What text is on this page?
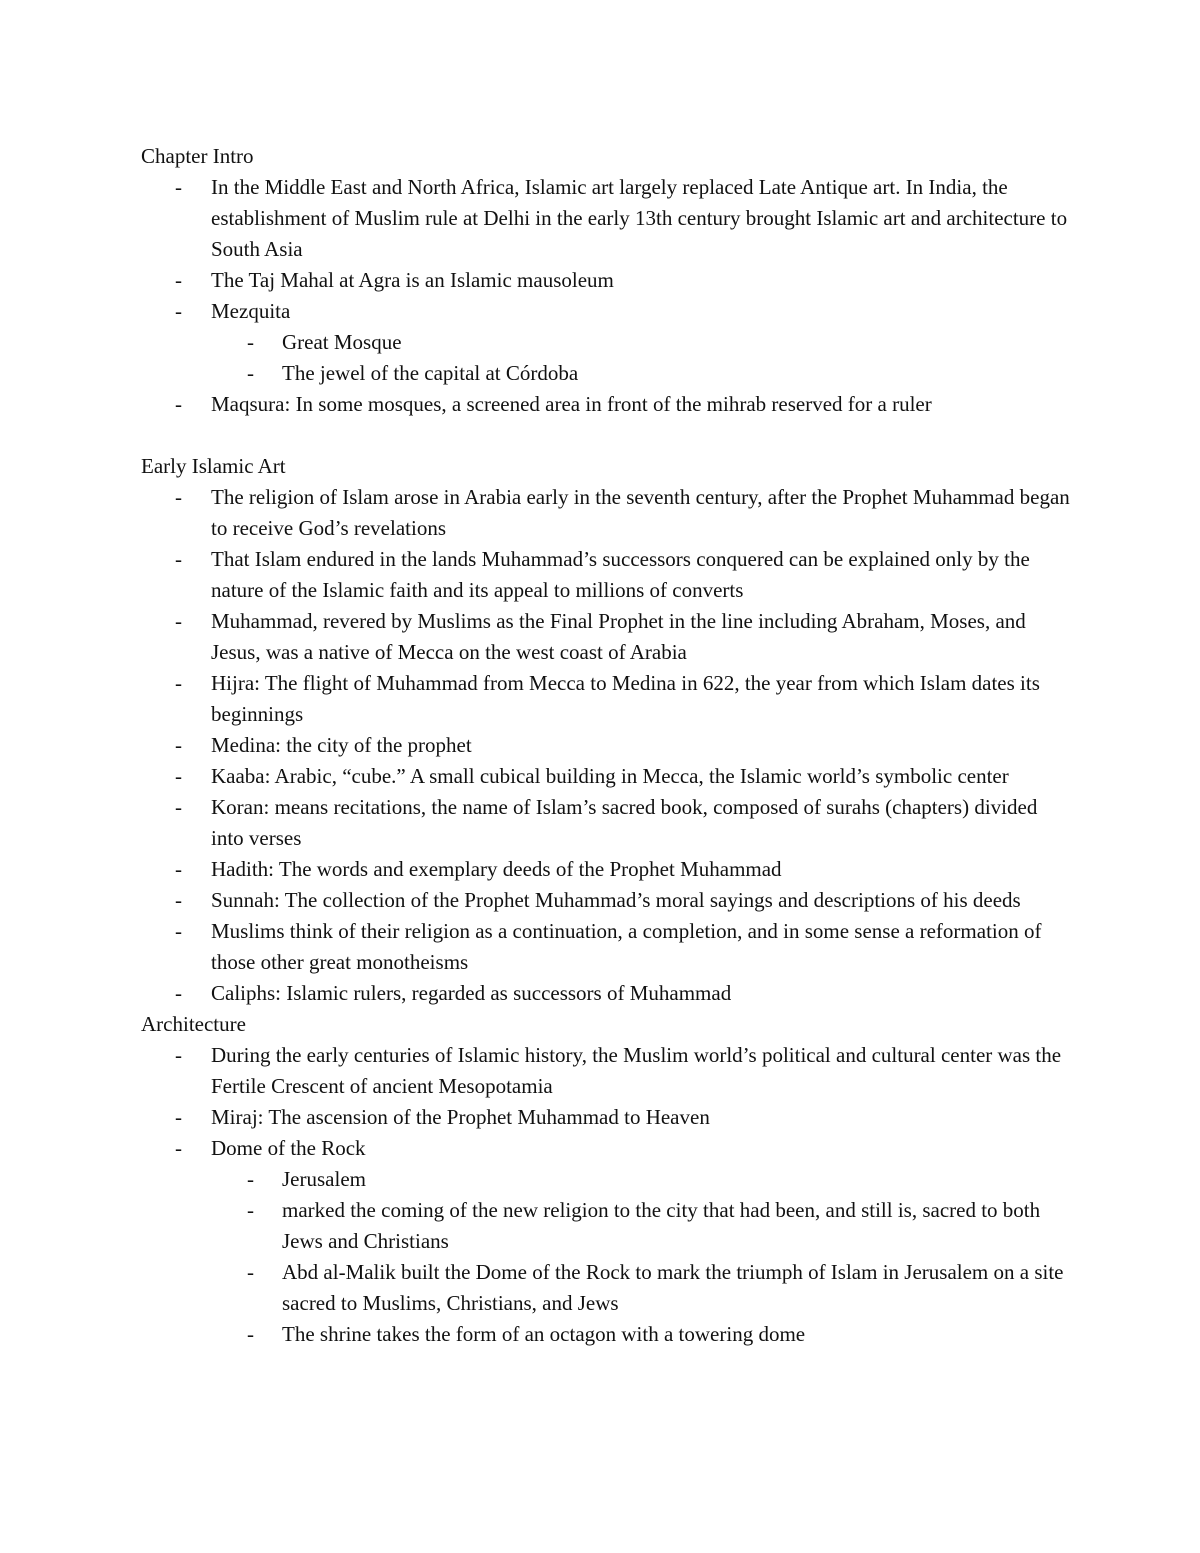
Chapter Intro

- In the Middle East and North Africa, Islamic art largely replaced Late Antique art. In India, the establishment of Muslim rule at Delhi in the early 13th century brought Islamic art and architecture to South Asia
- The Taj Mahal at Agra is an Islamic mausoleum
- Mezquita
- Great Mosque
- The jewel of the capital at Córdoba
- Maqsura: In some mosques, a screened area in front of the mihrab reserved for a ruler

Early Islamic Art

- The religion of Islam arose in Arabia early in the seventh century, after the Prophet Muhammad began to receive God’s revelations
- That Islam endured in the lands Muhammad’s successors conquered can be explained only by the nature of the Islamic faith and its appeal to millions of converts
- Muhammad, revered by Muslims as the Final Prophet in the line including Abraham, Moses, and Jesus, was a native of Mecca on the west coast of Arabia
- Hijra: The flight of Muhammad from Mecca to Medina in 622, the year from which Islam dates its beginnings
- Medina: the city of the prophet
- Kaaba: Arabic, “cube.” A small cubical building in Mecca, the Islamic world’s symbolic center
- Koran: means recitations, the name of Islam’s sacred book, composed of surahs (chapters) divided into verses
- Hadith: The words and exemplary deeds of the Prophet Muhammad
- Sunnah: The collection of the Prophet Muhammad’s moral sayings and descriptions of his deeds
- Muslims think of their religion as a continuation, a completion, and in some sense a reformation of those other great monotheisms
- Caliphs: Islamic rulers, regarded as successors of Muhammad

Architecture

- During the early centuries of Islamic history, the Muslim world’s political and cultural center was the Fertile Crescent of ancient Mesopotamia
- Miraj: The ascension of the Prophet Muhammad to Heaven
- Dome of the Rock
- Jerusalem
- marked the coming of the new religion to the city that had been, and still is, sacred to both Jews and Christians
- Abd al-Malik built the Dome of the Rock to mark the triumph of Islam in Jerusalem on a site sacred to Muslims, Christians, and Jews
- The shrine takes the form of an octagon with a towering dome
